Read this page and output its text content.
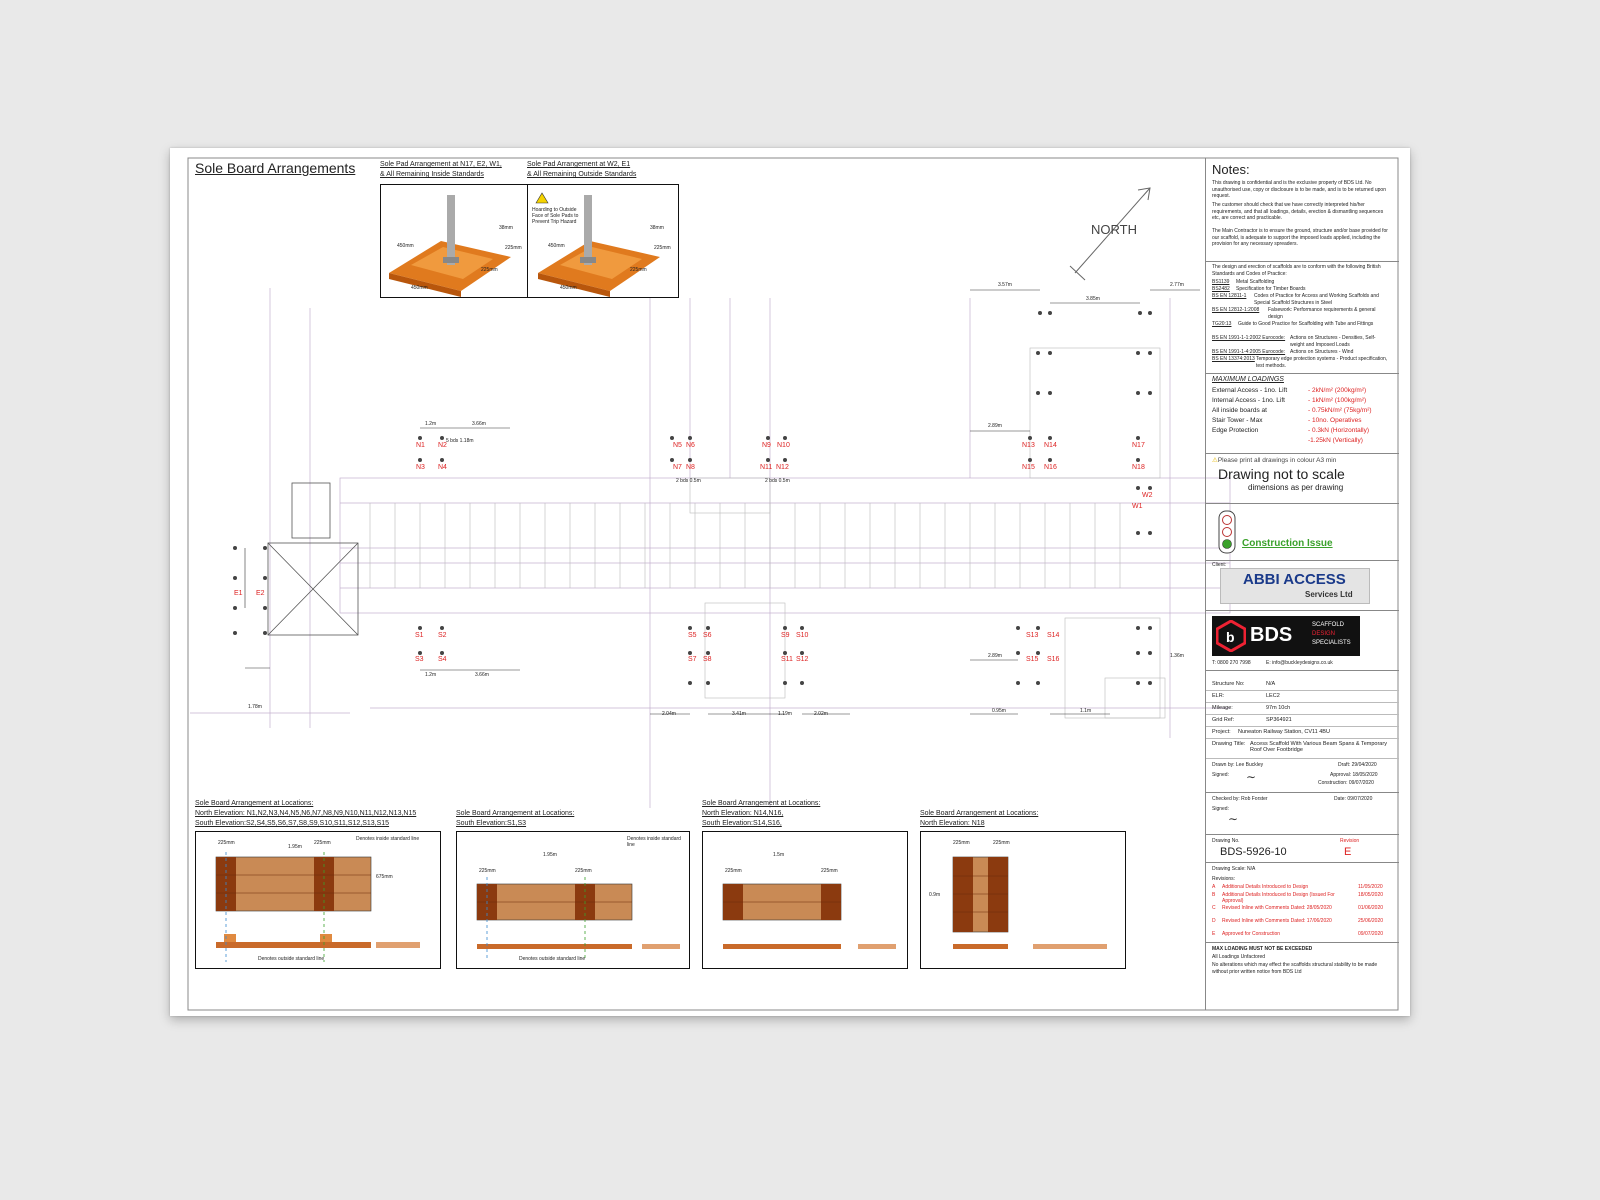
Sole Board Arrangements	Sole Pad Arrangement at N17, E2, W1,
& All Remaining Inside Standards
Sole Pad Arrangement at W2, E1
& All Remaining Outside Standards
450mm
38mm
225mm
225mm
450mm
Hoarding to Outside Face of Sole Pads to Prevent Trip Hazard
450mm
38mm
225mm
225mm
450mm
NORTH
N1 N2
N3 N4
N5 N6
N7 N8
N9 N10
N11 N12
N13 N14
N15 N16
N17
N18
W1
W2
E1 E2
S1 S2
S3 S4
S5 S6
S7 S8
S9 S10
S11 S12
S13 S14
S15 S16
1.2m	3.66m
1.2m	3.66m
2 bds 0.5m	2 bds 0.5m
5 bds 1.18m
3.57m
3.85m
2.77m
2.89m
2.89m
0.95m	1.1m
2.04m	3.41m	1.19m	2.02m
1.36m
1.78m
Sole Board Arrangement at Locations:
North Elevation: N1,N2,N3,N4,N5,N6,N7,N8,N9,N10,N11,N12,N13,N15
South Elevation:S2,S4,S5,S6,S7,S8,S9,S10,S11,S12,S13,S15
225mm
1.95m
225mm
675mm
Denotes inside standard line
Denotes outside standard line
Sole Board Arrangement at Locations:
South Elevation:S1,S3
1.95m
225mm	225mm
Denotes inside standard line
Denotes outside standard line
Sole Board Arrangement at Locations:
North Elevation: N14,N16,
South Elevation:S14,S16,
1.5m
225mm	225mm
Sole Board Arrangement at Locations:
North Elevation: N18
225mm	225mm
0.9m
Notes:
This drawing is confidential and is the exclusive property of BDS Ltd. No unauthorised use, copy or disclosure is to be made, and is to be returned upon request.
The customer should check that we have correctly interpreted his/her requirements, and that all loadings, details, erection & dismantling sequences etc, are correct and practicable.
The Main Contractor is to ensure the ground, structure and/or base provided for our scaffold, is adequate to support the imposed loads applied, including the provision for any necessary spreaders.
The design and erection of scaffolds are to conform with the following British Standards and Codes of Practice:
BS1139 Metal Scaffolding
BS2482 Specification for Timber Boards
BS EN 12811-1 Codes of Practice for Access and Working Scaffolds and Special Scaffold Structures in Steel
BS EN 12812-1:2008 Falsework: Performance requirements & general design
TG20:13 Guide to Good Practice for Scaffolding with Tube and Fittings
BS EN 1991-1-1:2002 Eurocode: Actions on Structures - Densities, Self-weight and Imposed Loads
BS EN 1991-1-4:2005 Eurocode: Actions on Structures - Wind
BS EN 13374:2013 Temporary edge protection systems - Product specification, test methods.
MAXIMUM LOADINGS
External Access - 1no. Lift	- 2kN/m² (200kg/m²)
Internal Access - 1no. Lift	- 1kN/m² (100kg/m²)
All inside boards at	- 0.75kN/m² (75kg/m²)
Stair Tower - Max	- 10no. Operatives
Edge Protection	- 0.3kN (Horizontally)
-1.25kN (Vertically)
⚠Please print all drawings in colour A3 min
Drawing not to scale
dimensions as per drawing
Construction Issue
Client:
ABBI ACCESS
Services Ltd
b BDS	SCAFFOLD
DESIGN
SPECIALISTS
T: 0800 270 7998	E: info@buckleydesigns.co.uk
Structure No:	N/A
ELR:	LEC2
Mileage:	97m 10ch
Grid Ref:	SP364921
Project: Nuneaton Railway Station, CV11 4BU
Drawing Title: Access Scaffold With Various Beam Spans & Temporary Roof Over Footbridge
Drawn by: Lee Buckley	Draft: 29/04/2020
Signed: ∼	Approval: 18/05/2020
Construction: 09/07/2020
Checked by: Rob Forster	Date: 09/07/2020
Signed:
∼
Drawing No.
BDS-5926-10
Revision
E
Drawing Scale: N/A
Revisions:
A Additional Details Introduced to Design	11/05/2020
B Additional Details Introduced to Design (Issued For Approval)
18/05/2020
C Revised Inline with Comments Dated: 28/05/2020	01/06/2020
D Revised Inline with Comments Dated: 17/06/2020	25/06/2020
E Approved for Construction	09/07/2020
MAX LOADING MUST NOT BE EXCEEDED
All Loadings Unfactored
No alterations which may effect the scaffolds structural stability to be made without prior written notice from BDS Ltd
